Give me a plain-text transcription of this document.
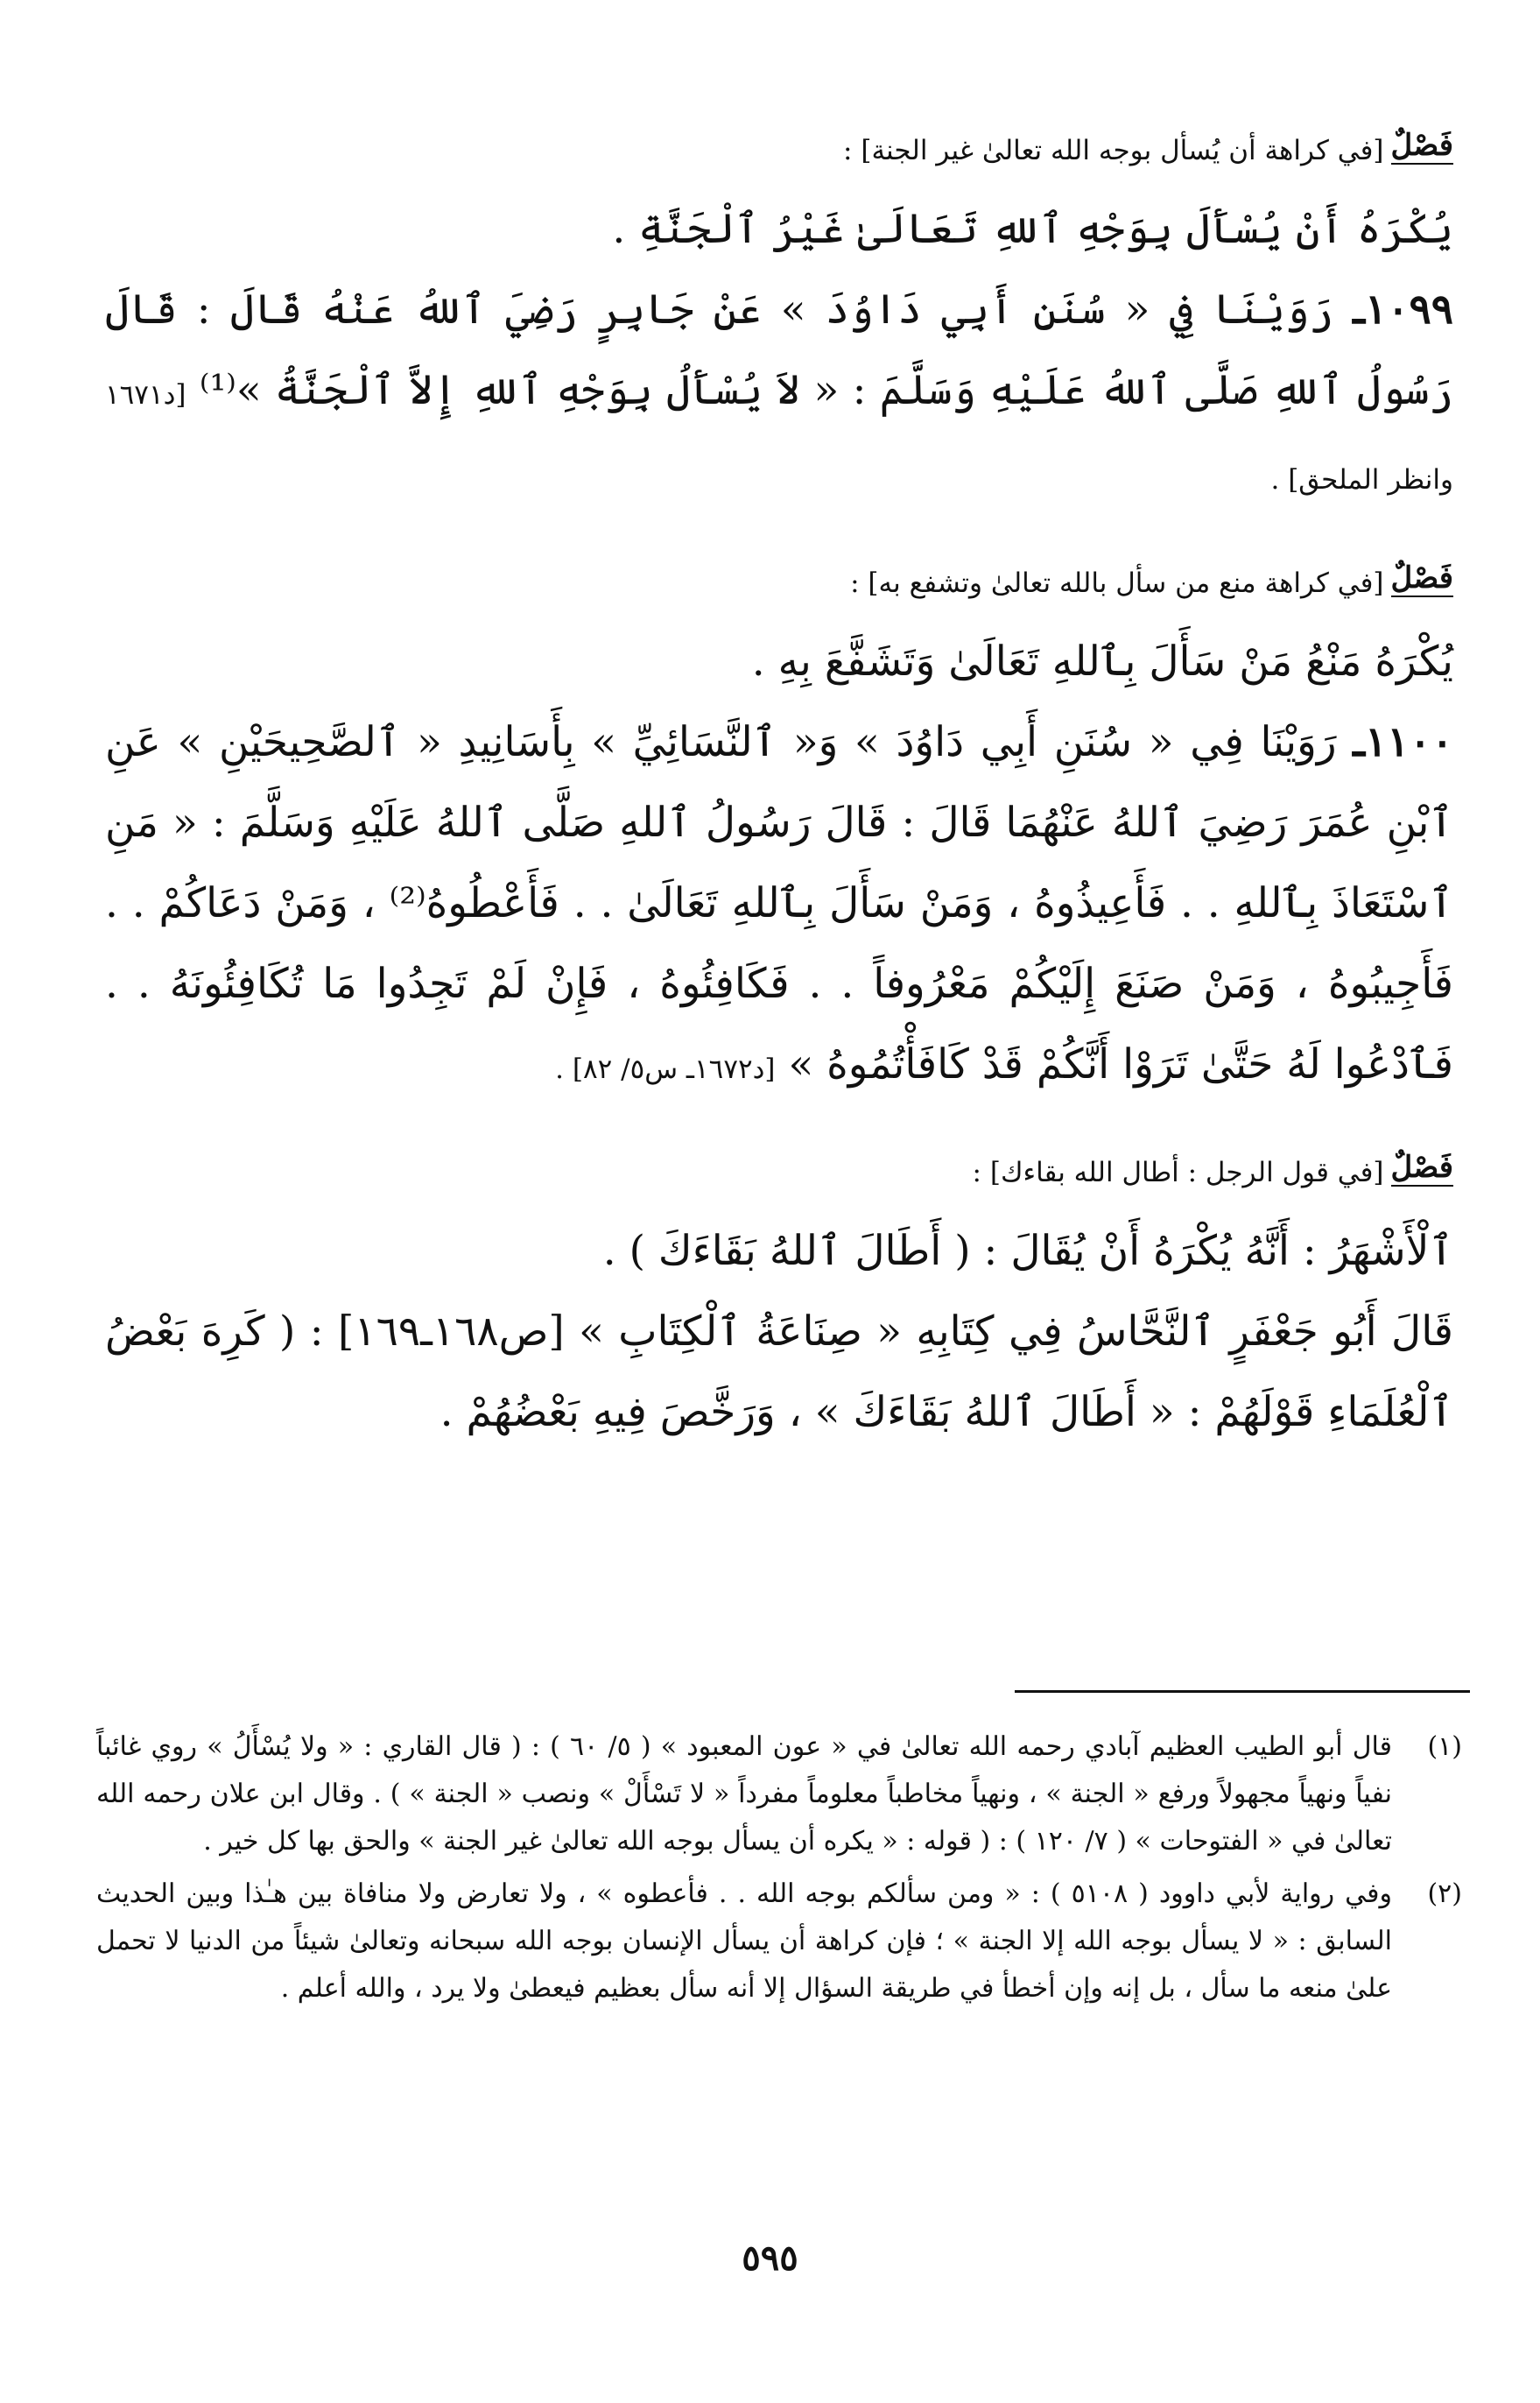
فَصْلٌ
[في كراهة أن يُسأل بوجه الله تعالىٰ غير الجنة] :

يُكْرَهُ أَنْ يُسْأَلَ بِوَجْهِ ٱللهِ تَعَالَىٰ غَيْرُ ٱلْجَنَّةِ .

١٠٩٩ـ رَوَيْنَا فِي « سُنَنِ أَبِي دَاوُدَ » عَنْ جَابِرٍ رَضِيَ ٱللهُ عَنْهُ قَالَ : قَالَ رَسُولُ ٱللهِ صَلَّى ٱللهُ عَلَيْهِ وَسَلَّمَ : « لاَ يُسْأَلُ بِوَجْهِ ٱللهِ إِلاَّ ٱلْجَنَّةُ »⁽¹⁾ [د١٦٧١ وانظر الملحق] .

فَصْلٌ
[في كراهة منع من سأل بالله تعالىٰ وتشفع به] :

يُكْرَهُ مَنْعُ مَنْ سَأَلَ بِٱللهِ تَعَالَىٰ وَتَشَفَّعَ بِهِ .

١١٠٠ـ رَوَيْنَا فِي « سُنَنِ أَبِي دَاوُدَ » وَ« ٱلنَّسَائِيِّ » بِأَسَانِيدِ « ٱلصَّحِيحَيْنِ » عَنِ ٱبْنِ عُمَرَ رَضِيَ ٱللهُ عَنْهُمَا قَالَ : قَالَ رَسُولُ ٱللهِ صَلَّى ٱللهُ عَلَيْهِ وَسَلَّمَ : « مَنِ ٱسْتَعَاذَ بِٱللهِ . . فَأَعِيذُوهُ ، وَمَنْ سَأَلَ بِٱللهِ تَعَالَىٰ . . فَأَعْطُوهُ⁽²⁾ ، وَمَنْ دَعَاكُمْ . . فَأَجِيبُوهُ ، وَمَنْ صَنَعَ إِلَيْكُمْ مَعْرُوفاً . . فَكَافِئُوهُ ، فَإِنْ لَمْ تَجِدُوا مَا تُكَافِئُونَهُ . . فَٱدْعُوا لَهُ حَتَّىٰ تَرَوْا أَنَّكُمْ قَدْ كَافَأْتُمُوهُ » [د١٦٧٢ـ س٥/ ٨٢] .

فَصْلٌ
[في قول الرجل : أطال الله بقاءك] :

ٱلْأَشْهَرُ : أَنَّهُ يُكْرَهُ أَنْ يُقَالَ : ( أَطَالَ ٱللهُ بَقَاءَكَ ) .

قَالَ أَبُو جَعْفَرٍ ٱلنَّحَّاسُ فِي كِتَابِهِ « صِنَاعَةُ ٱلْكِتَابِ » [ص١٦٨ـ١٦٩] : ( كَرِهَ بَعْضُ ٱلْعُلَمَاءِ قَوْلَهُمْ : « أَطَالَ ٱللهُ بَقَاءَكَ » ، وَرَخَّصَ فِيهِ بَعْضُهُمْ .

(١)
قال أبو الطيب العظيم آبادي رحمه الله تعالىٰ في « عون المعبود » ( ٥/ ٦٠ ) : ( قال القاري : « ولا يُسْأَلُ » روي غائباً نفياً ونهياً مجهولاً ورفع « الجنة » ، ونهياً مخاطباً معلوماً مفرداً « لا تَسْأَلْ » ونصب « الجنة » ) . وقال ابن علان رحمه الله تعالىٰ في « الفتوحات » ( ٧/ ١٢٠ ) : ( قوله : « يكره أن يسأل بوجه الله تعالىٰ غير الجنة » والحق بها كل خير .
(٢)
وفي رواية لأبي داوود ( ٥١٠٨ ) : « ومن سألكم بوجه الله . . فأعطوه » ، ولا تعارض ولا منافاة بين هـٰذا وبين الحديث السابق : « لا يسأل بوجه الله إلا الجنة » ؛ فإن كراهة أن يسأل الإنسان بوجه الله سبحانه وتعالىٰ شيئاً من الدنيا لا تحمل علىٰ منعه ما سأل ، بل إنه وإن أخطأ في طريقة السؤال إلا أنه سأل بعظيم فيعطىٰ ولا يرد ، والله أعلم .
٥٩٥
